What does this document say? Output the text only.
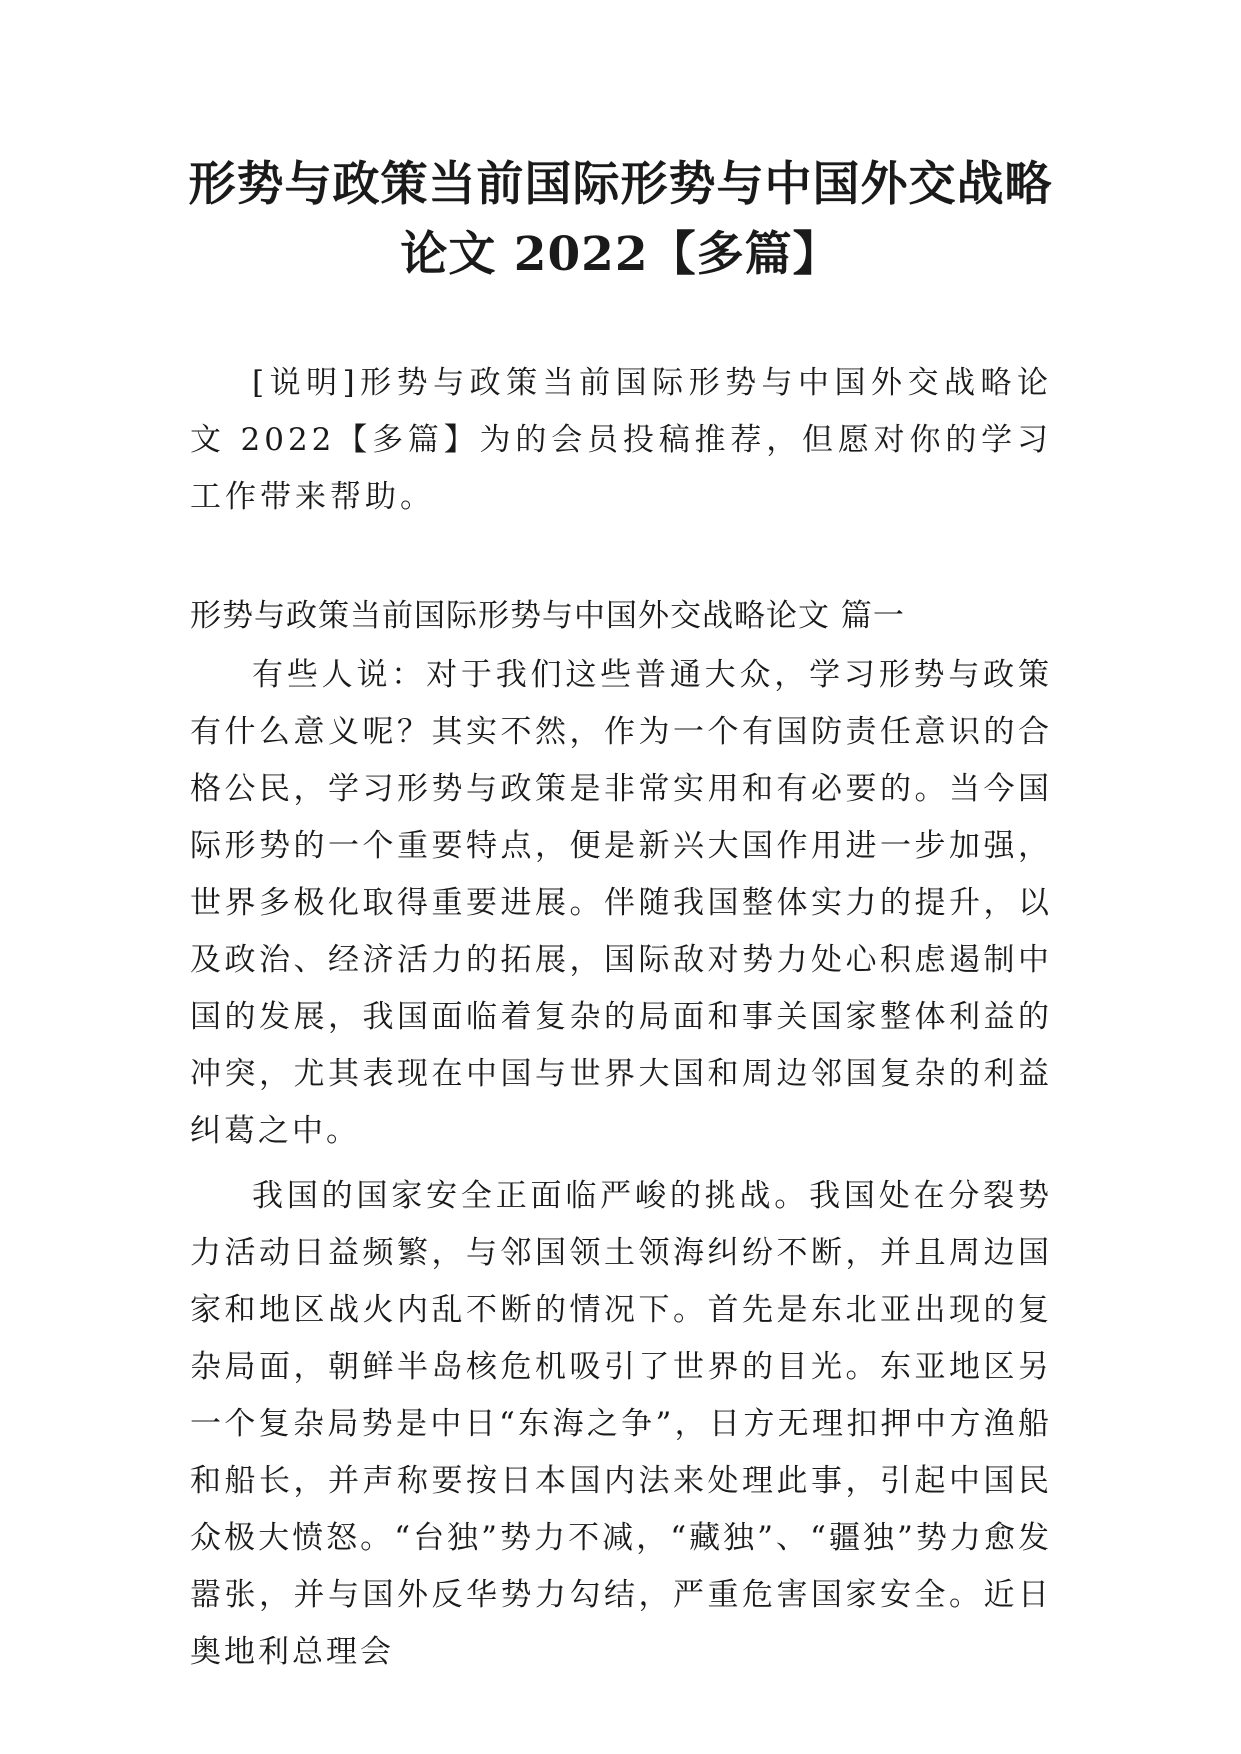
形势与政策当前国际形势与中国外交战略
论文 2022【多篇】

[说明]形势与政策当前国际形势与中国外交战略论文 2022【多篇】为的会员投稿推荐，但愿对你的学习工作带来帮助。

形势与政策当前国际形势与中国外交战略论文 篇一

有些人说：对于我们这些普通大众，学习形势与政策有什么意义呢？其实不然，作为一个有国防责任意识的合格公民，学习形势与政策是非常实用和有必要的。当今国际形势的一个重要特点，便是新兴大国作用进一步加强，世界多极化取得重要进展。伴随我国整体实力的提升，以及政治、经济活力的拓展，国际敌对势力处心积虑遏制中国的发展，我国面临着复杂的局面和事关国家整体利益的冲突，尤其表现在中国与世界大国和周边邻国复杂的利益纠葛之中。

我国的国家安全正面临严峻的挑战。我国处在分裂势力活动日益频繁，与邻国领土领海纠纷不断，并且周边国家和地区战火内乱不断的情况下。首先是东北亚出现的复杂局面，朝鲜半岛核危机吸引了世界的目光。东亚地区另一个复杂局势是中日“东海之争”，日方无理扣押中方渔船和船长，并声称要按日本国内法来处理此事，引起中国民众极大愤怒。“台独”势力不减，“藏独”、“疆独”势力愈发嚣张，并与国外反华势力勾结，严重危害国家安全。近日奥地利总理会
